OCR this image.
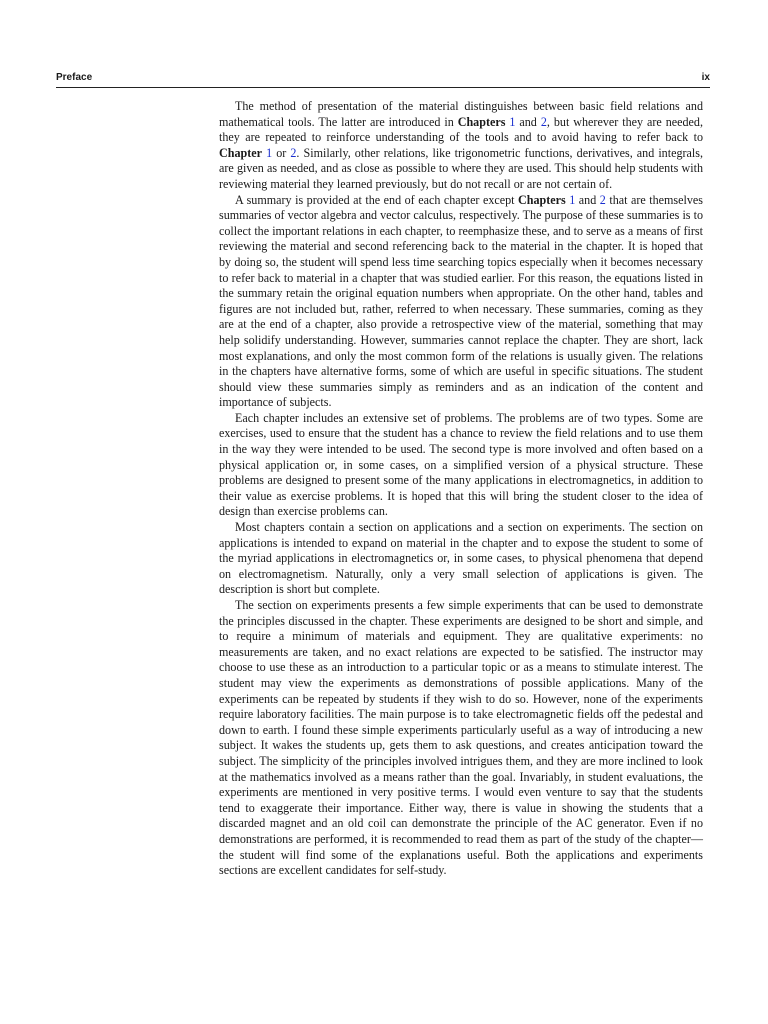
Preface	ix

The method of presentation of the material distinguishes between basic field relations and mathematical tools. The latter are introduced in Chapters 1 and 2, but wherever they are needed, they are repeated to reinforce understanding of the tools and to avoid having to refer back to Chapter 1 or 2. Similarly, other relations, like trigonometric functions, derivatives, and integrals, are given as needed, and as close as possible to where they are used. This should help students with reviewing material they learned previously, but do not recall or are not certain of.

A summary is provided at the end of each chapter except Chapters 1 and 2 that are themselves summaries of vector algebra and vector calculus, respectively. The purpose of these summaries is to collect the important relations in each chapter, to reemphasize these, and to serve as a means of first reviewing the material and second referencing back to the material in the chapter. It is hoped that by doing so, the student will spend less time searching topics especially when it becomes necessary to refer back to material in a chapter that was studied earlier. For this reason, the equations listed in the summary retain the original equation numbers when appropriate. On the other hand, tables and figures are not included but, rather, referred to when necessary. These summaries, coming as they are at the end of a chapter, also provide a retrospective view of the material, something that may help solidify understanding. However, summaries cannot replace the chapter. They are short, lack most explanations, and only the most common form of the relations is usually given. The relations in the chapters have alternative forms, some of which are useful in specific situations. The student should view these summaries simply as reminders and as an indication of the content and importance of subjects.

Each chapter includes an extensive set of problems. The problems are of two types. Some are exercises, used to ensure that the student has a chance to review the field relations and to use them in the way they were intended to be used. The second type is more involved and often based on a physical application or, in some cases, on a simplified version of a physical structure. These problems are designed to present some of the many applications in electromagnetics, in addition to their value as exercise problems. It is hoped that this will bring the student closer to the idea of design than exercise problems can.

Most chapters contain a section on applications and a section on experiments. The section on applications is intended to expand on material in the chapter and to expose the student to some of the myriad applications in electromagnetics or, in some cases, to physical phenomena that depend on electromagnetism. Naturally, only a very small selection of applications is given. The description is short but complete.

The section on experiments presents a few simple experiments that can be used to demonstrate the principles discussed in the chapter. These experiments are designed to be short and simple, and to require a minimum of materials and equipment. They are qualitative experiments: no measurements are taken, and no exact relations are expected to be satisfied. The instructor may choose to use these as an introduction to a particular topic or as a means to stimulate interest. The student may view the experiments as demonstrations of possible applications. Many of the experiments can be repeated by students if they wish to do so. However, none of the experiments require laboratory facilities. The main purpose is to take electromagnetic fields off the pedestal and down to earth. I found these simple experiments particularly useful as a way of introducing a new subject. It wakes the students up, gets them to ask questions, and creates anticipation toward the subject. The simplicity of the principles involved intrigues them, and they are more inclined to look at the mathematics involved as a means rather than the goal. Invariably, in student evaluations, the experiments are mentioned in very positive terms. I would even venture to say that the students tend to exaggerate their importance. Either way, there is value in showing the students that a discarded magnet and an old coil can demonstrate the principle of the AC generator. Even if no demonstrations are performed, it is recommended to read them as part of the study of the chapter—the student will find some of the explanations useful. Both the applications and experiments sections are excellent candidates for self-study.
